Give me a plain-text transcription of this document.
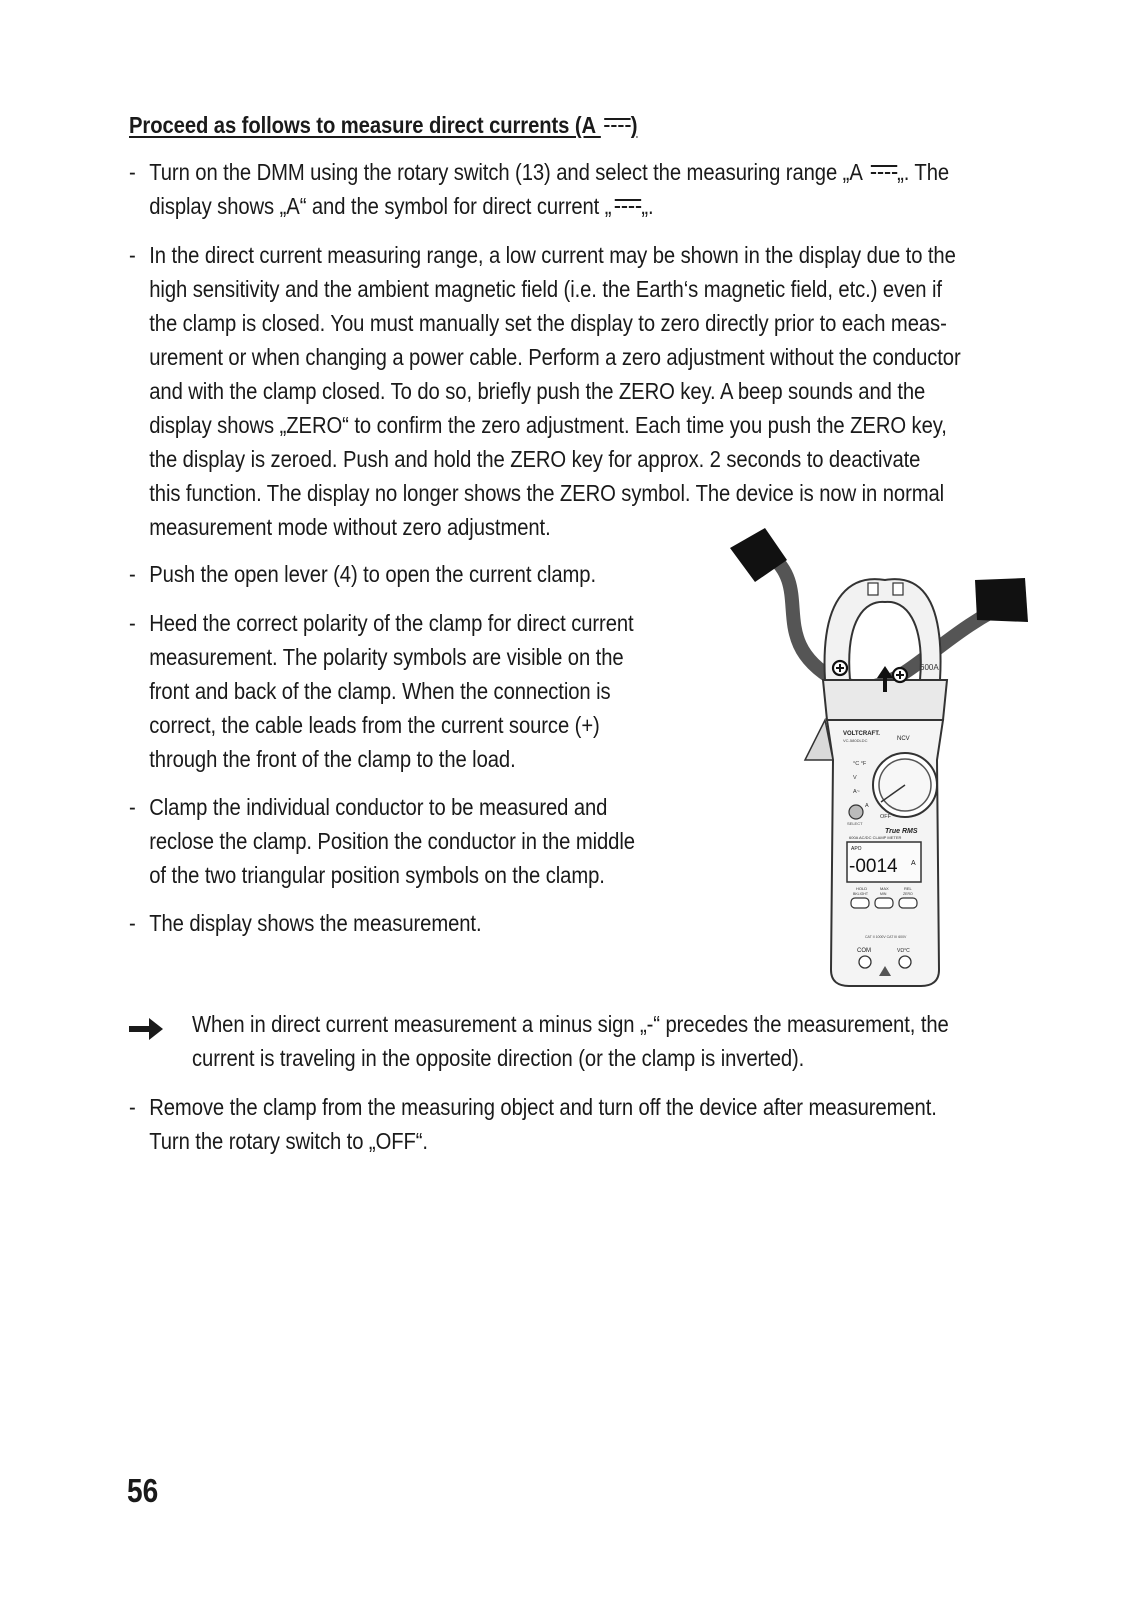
Proceed as follows to measure direct currents (A )
- Turn on the DMM using the rotary switch (13) and select the measuring range „A „. The
display shows „A“ and the symbol for direct current „ „.
- In the direct current measuring range, a low current may be shown in the display due to the
high sensitivity and the ambient magnetic field (i.e. the Earth‘s magnetic field, etc.) even if
the clamp is closed. You must manually set the display to zero directly prior to each meas-
urement or when changing a power cable. Perform a zero adjustment without the conductor
and with the clamp closed. To do so, briefly push the ZERO key. A beep sounds and the
display shows „ZERO“ to confirm the zero adjustment. Each time you push the ZERO key,
the display is zeroed. Push and hold the ZERO key for approx. 2 seconds to deactivate
this function. The display no longer shows the ZERO symbol. The device is now in normal
measurement mode without zero adjustment.
- Push the open lever (4) to open the current clamp.
- Heed the correct polarity of the clamp for direct current
measurement. The polarity symbols are visible on the
front and back of the clamp. When the connection is
correct, the cable leads from the current source (+)
through the front of the clamp to the load.
- Clamp the individual conductor to be measured and
reclose the clamp. Position the conductor in the middle
of the two triangular position symbols on the clamp.
- The display shows the measurement.
When in direct current measurement a minus sign „-“ precedes the measurement, the
current is traveling in the opposite direction (or the clamp is inverted).
- Remove the clamp from the measuring object and turn off the device after measurement.
Turn the rotary switch to „OFF“.
600A
VOLTCRAFT.
VC-580DLDC	NCV
°C °F
V
A~
A
OFF
SELECT
True RMS
600A AC/DC CLAMP METER
APO
-0014 A
HOLD	MAX	REL
BKLIGHT	MIN	ZERO
CAT II 1000V CAT III 600V
COM	VΩ°C
56
